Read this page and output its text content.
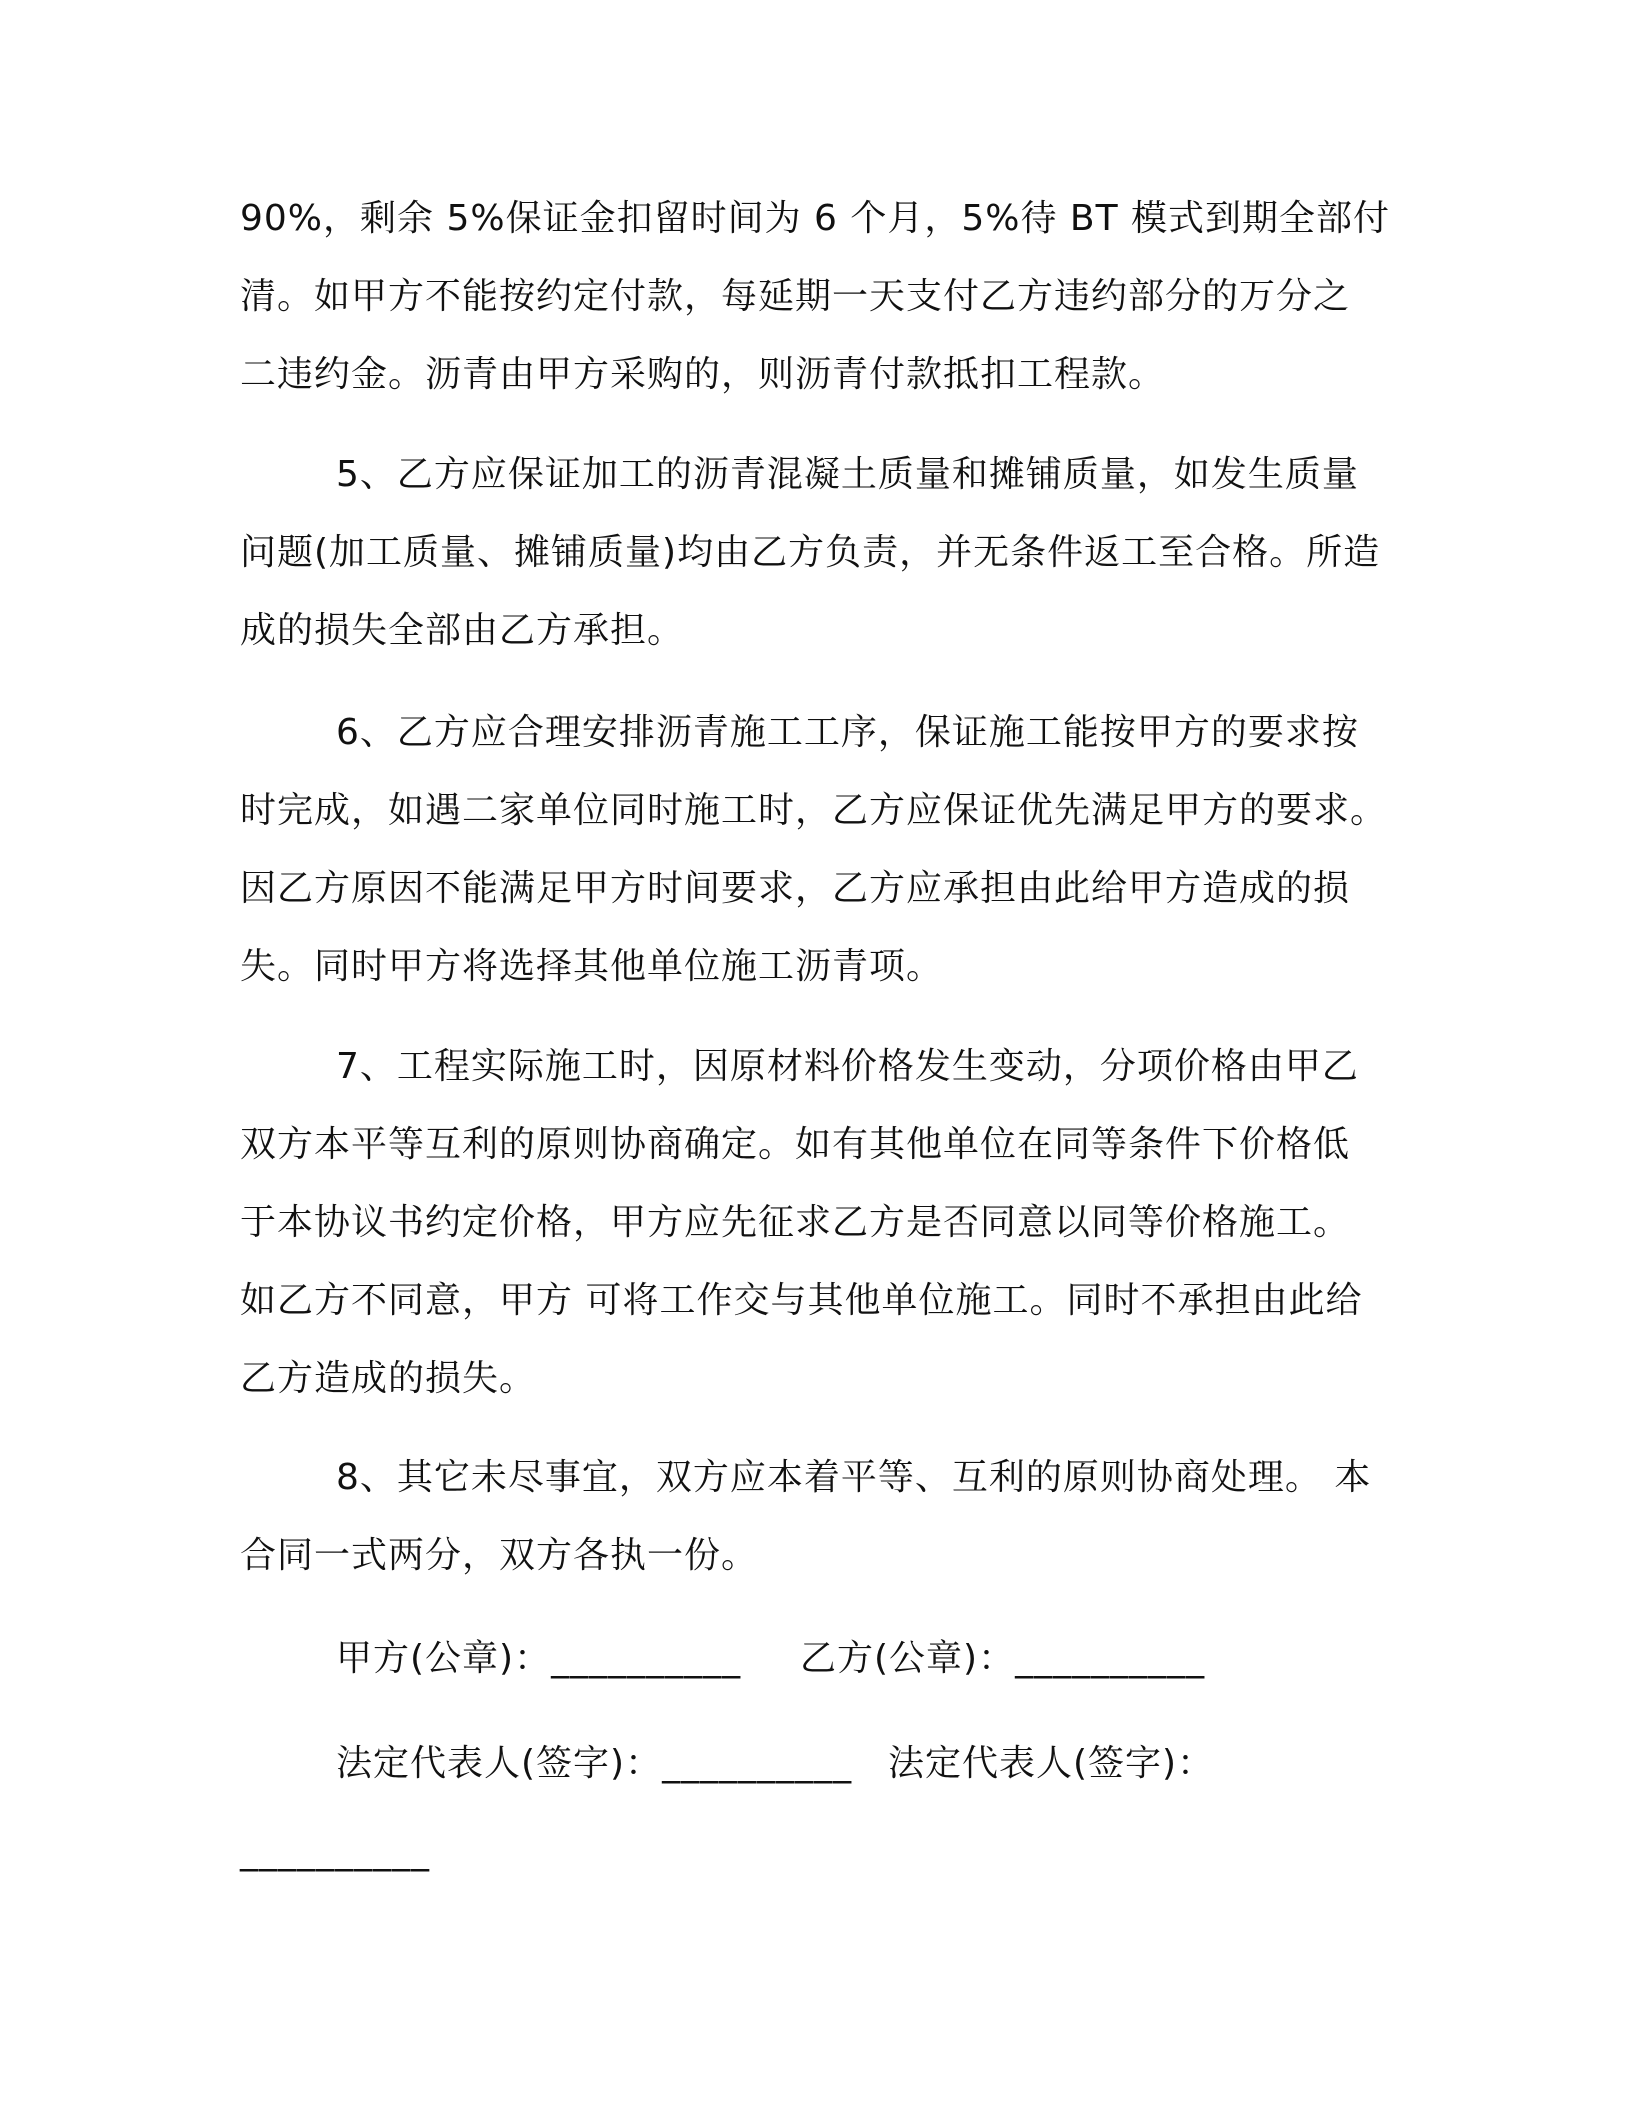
90%，剩余 5%保证金扣留时间为 6 个月，5%待 BT 模式到期全部付
清。如甲方不能按约定付款，每延期一天支付乙方违约部分的万分之
二违约金。沥青由甲方采购的，则沥青付款抵扣工程款。
5、乙方应保证加工的沥青混凝土质量和摊铺质量，如发生质量
问题(加工质量、摊铺质量)均由乙方负责，并无条件返工至合格。所造
成的损失全部由乙方承担。
6、乙方应合理安排沥青施工工序，保证施工能按甲方的要求按
时完成，如遇二家单位同时施工时，乙方应保证优先满足甲方的要求。
因乙方原因不能满足甲方时间要求，乙方应承担由此给甲方造成的损
失。同时甲方将选择其他单位施工沥青项。
7、工程实际施工时，因原材料价格发生变动，分项价格由甲乙
双方本平等互利的原则协商确定。如有其他单位在同等条件下价格低
于本协议书约定价格，甲方应先征求乙方是否同意以同等价格施工。
如乙方不同意，甲方 可将工作交与其他单位施工。同时不承担由此给
乙方造成的损失。
8、其它未尽事宜，双方应本着平等、互利的原则协商处理。 本
合同一式两分，双方各执一份。
甲方(公章)：__________ 乙方(公章)：__________
法定代表人(签字)：__________ 法定代表人(签字)：
__________
